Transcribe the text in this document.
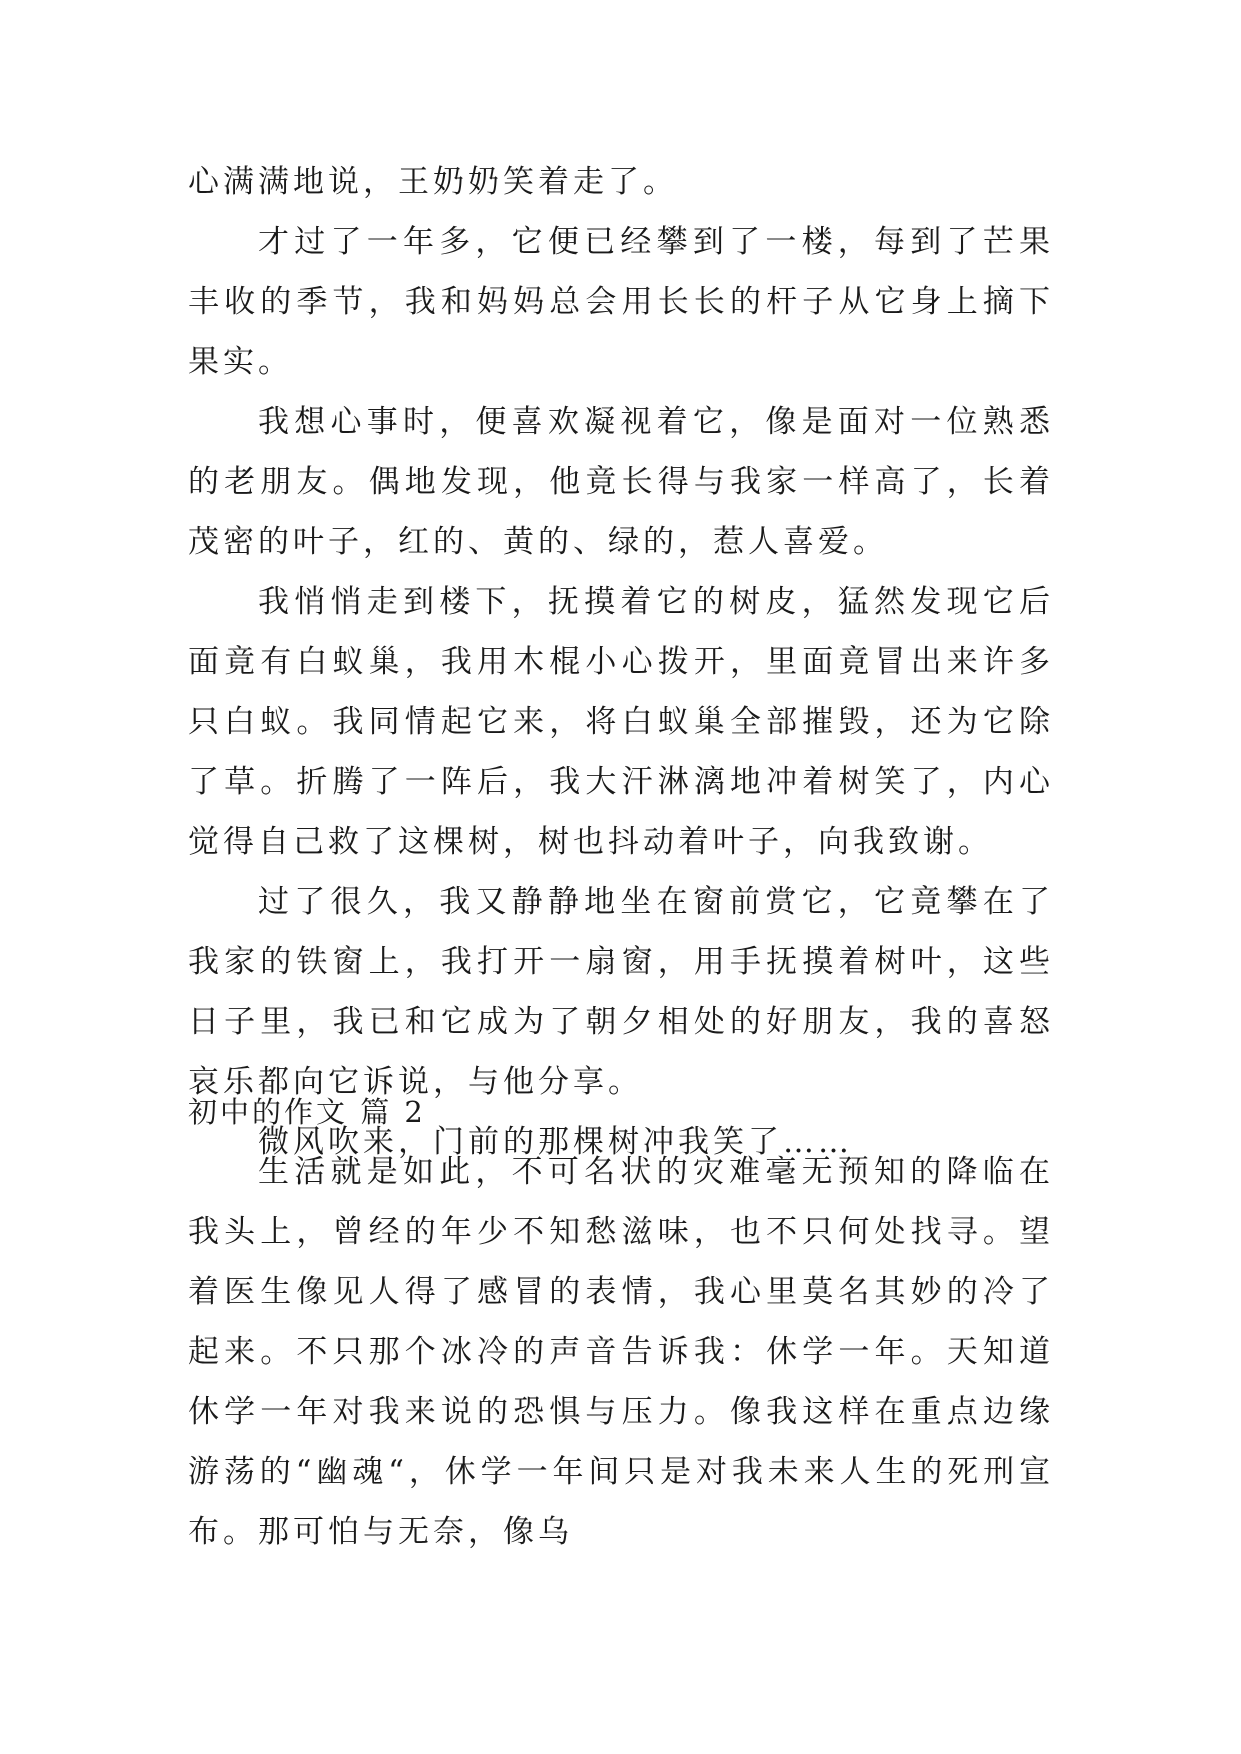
心满满地说，王奶奶笑着走了。

才过了一年多，它便已经攀到了一楼，每到了芒果丰收的季节，我和妈妈总会用长长的杆子从它身上摘下果实。

我想心事时，便喜欢凝视着它，像是面对一位熟悉的老朋友。偶地发现，他竟长得与我家一样高了，长着茂密的叶子，红的、黄的、绿的，惹人喜爱。

我悄悄走到楼下，抚摸着它的树皮，猛然发现它后面竟有白蚁巢，我用木棍小心拨开，里面竟冒出来许多只白蚁。我同情起它来，将白蚁巢全部摧毁，还为它除了草。折腾了一阵后，我大汗淋漓地冲着树笑了，内心觉得自己救了这棵树，树也抖动着叶子，向我致谢。

过了很久，我又静静地坐在窗前赏它，它竟攀在了我家的铁窗上，我打开一扇窗，用手抚摸着树叶，这些日子里，我已和它成为了朝夕相处的好朋友，我的喜怒哀乐都向它诉说，与他分享。

微风吹来，门前的那棵树冲我笑了……

初中的作文 篇 2

生活就是如此，不可名状的灾难毫无预知的降临在我头上，曾经的年少不知愁滋味，也不只何处找寻。望着医生像见人得了感冒的表情，我心里莫名其妙的冷了起来。不只那个冰冷的声音告诉我：休学一年。天知道休学一年对我来说的恐惧与压力。像我这样在重点边缘游荡的“幽魂“，休学一年间只是对我未来人生的死刑宣布。那可怕与无奈，像乌
